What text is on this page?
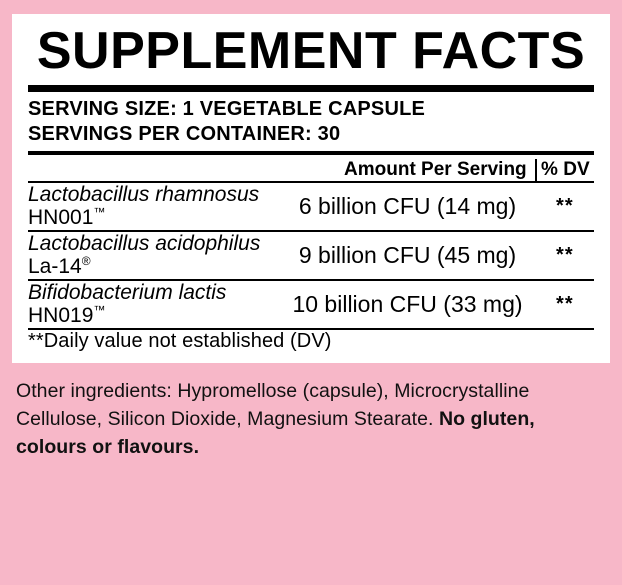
SUPPLEMENT FACTS
SERVING SIZE: 1 VEGETABLE CAPSULE
SERVINGS PER CONTAINER: 30
	Amount Per Serving	% DV

Lactobacillus rhamnosus HN001™	6 billion CFU (14 mg)	**

Lactobacillus acidophilus La-14®	9 billion CFU (45 mg)	**

Bifidobacterium lactis HN019™	10 billion CFU (33 mg)	**

**Daily value not established (DV)		
Other ingredients: Hypromellose (capsule), Microcrystalline Cellulose, Silicon Dioxide, Magnesium Stearate. No gluten, colours or flavours.
